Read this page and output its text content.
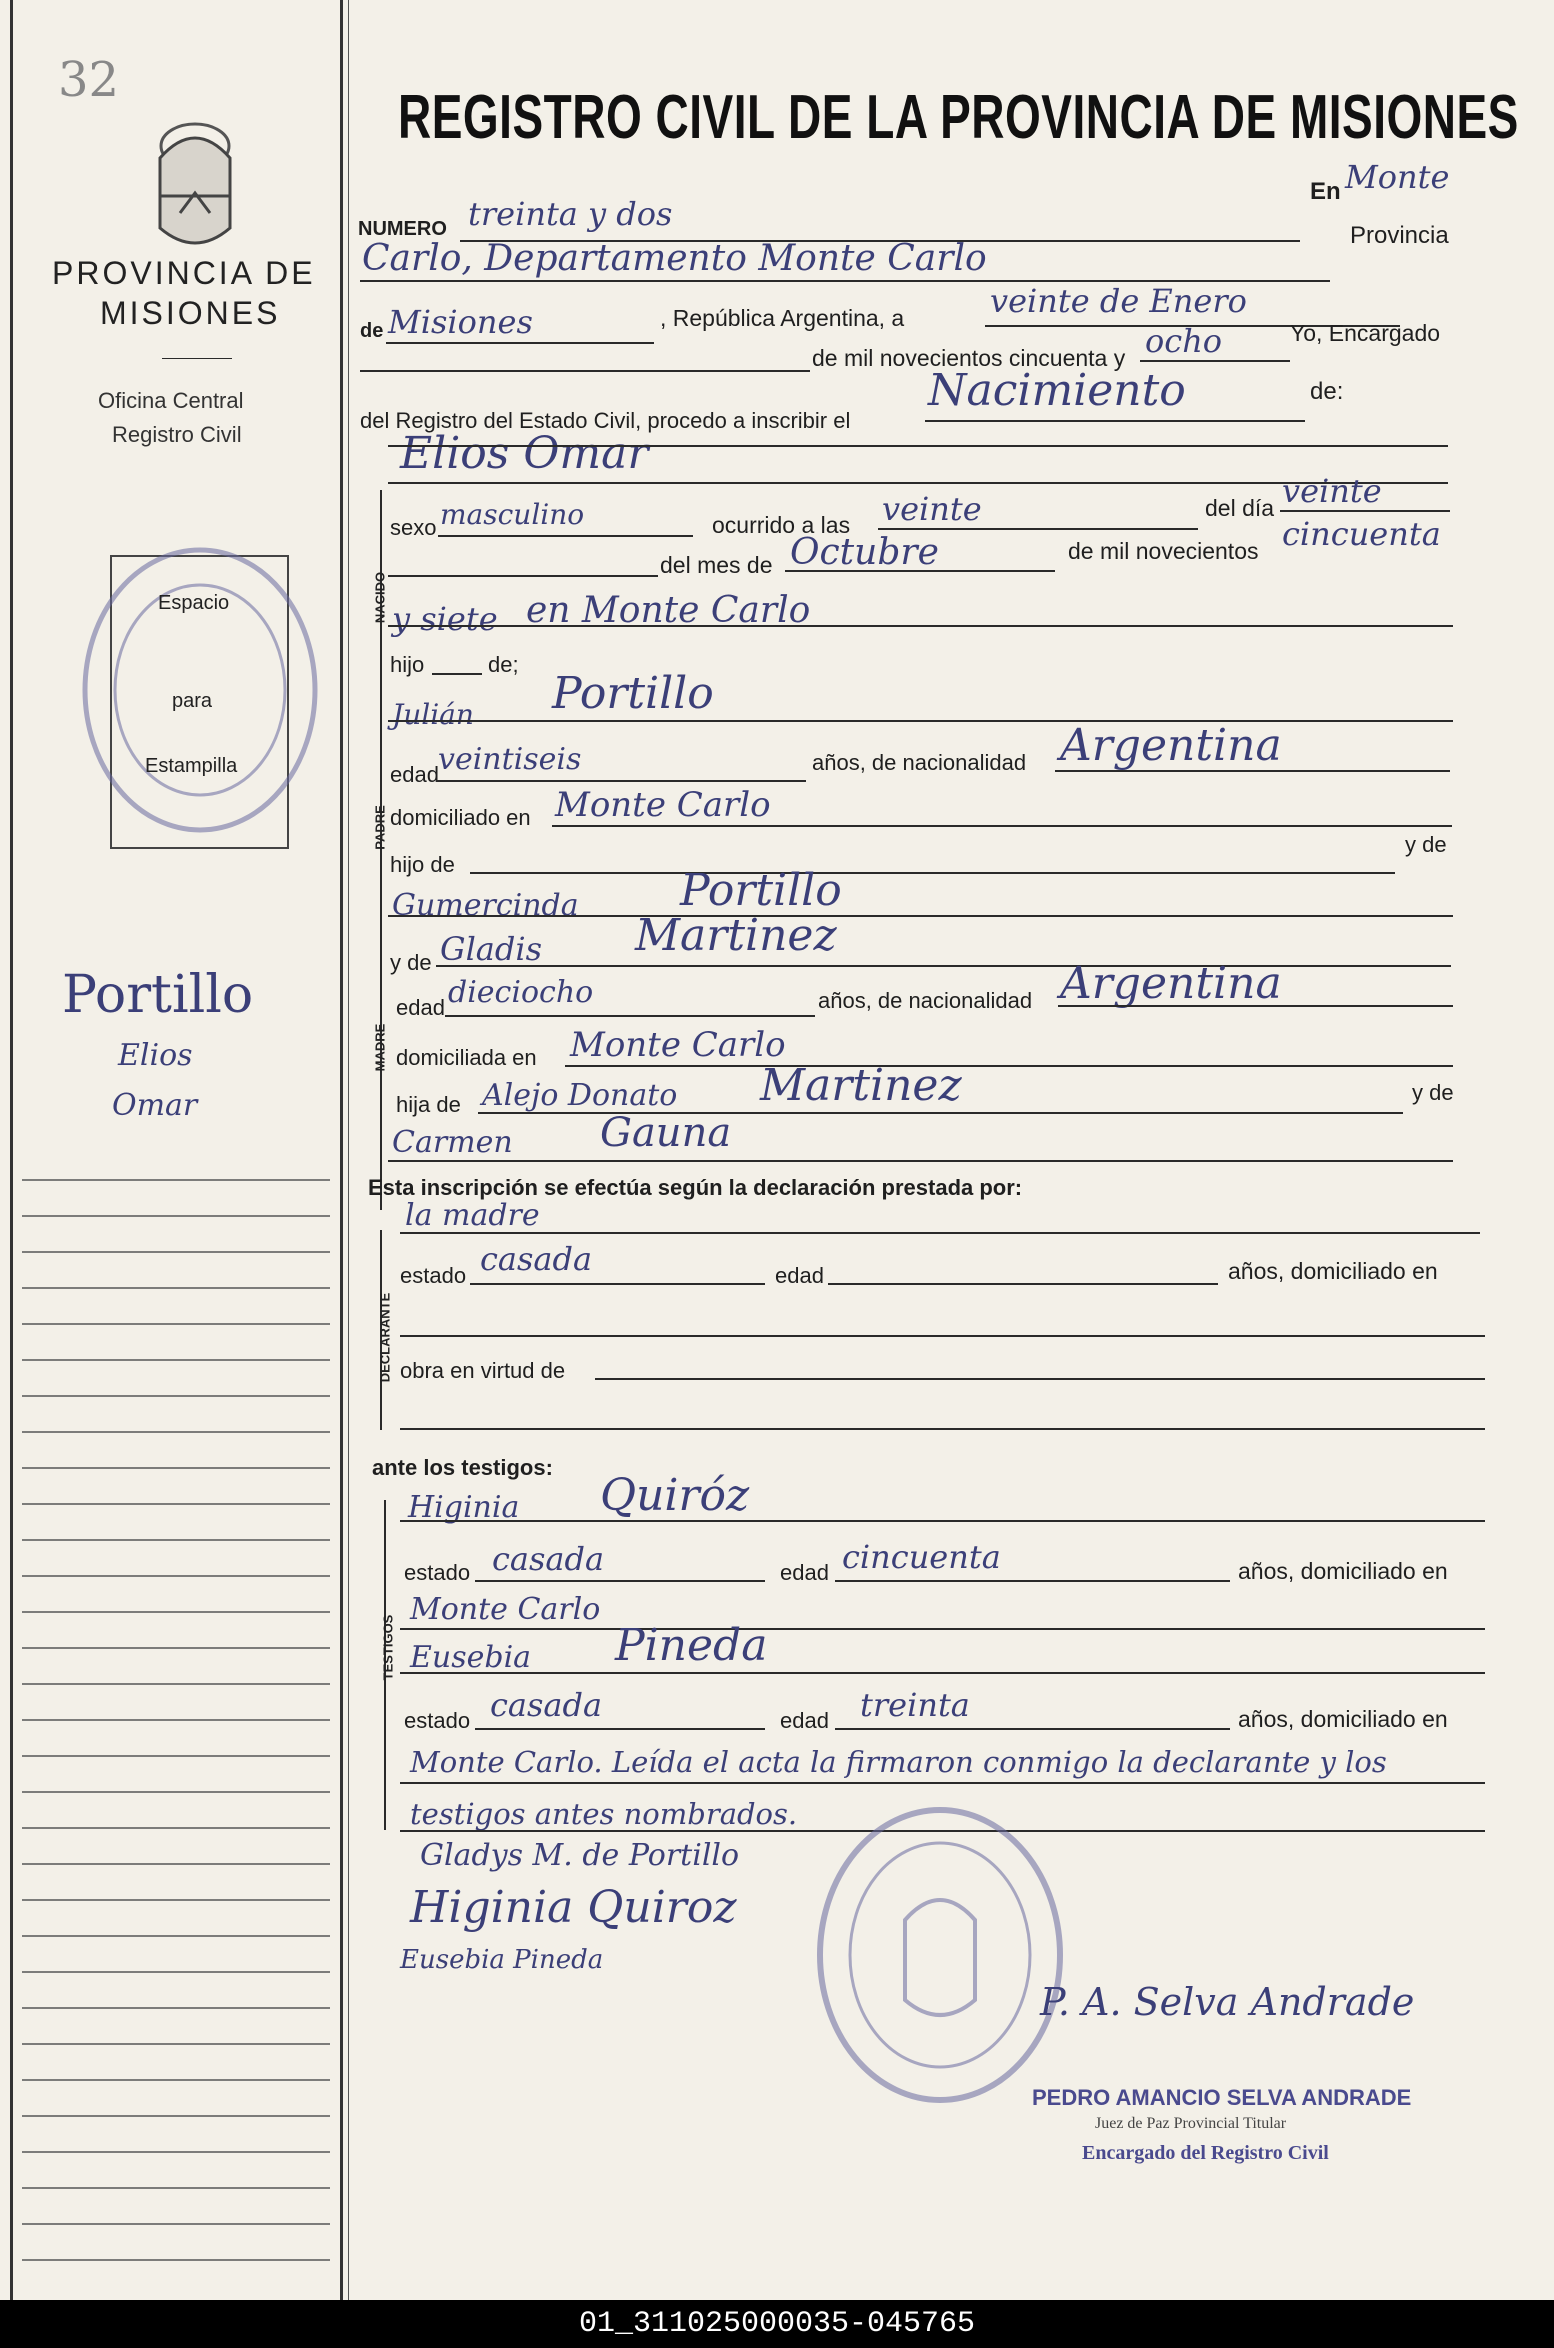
32
PROVINCIA DE
MISIONES
Oficina Central
Registro Civil
Espacio
para
Estampilla
Portillo
Elios
Omar
REGISTRO CIVIL DE LA PROVINCIA DE MISIONES
NUMERO treinta y dos
En Monte
Carlo, Departamento Monte Carlo
Provincia
de Misiones	, República Argentina, a	veinte de Enero
de mil novecientos cincuenta y ocho	Yo, Encargado
del Registro del Estado Civil, procedo a inscribir el
Nacimiento	de:
NACIDO
Elios Omar
sexo masculino	ocurrido a las veinte	del día veinte
del mes de Octubre	de mil novecientos cincuenta
y siete en Monte Carlo
hijo	de;
PADRE
Julián Portillo
edad veintiseis	años, de nacionalidad Argentina
domiciliado en Monte Carlo
hijo de
y de
Gumercinda Portillo
MADRE
y de Gladis Martinez
edad dieciocho	años, de nacionalidad Argentina
domiciliada en Monte Carlo
hija de Alejo Donato Martinez	y de
Carmen Gauna
Esta inscripción se efectúa según la declaración prestada por:
DECLARANTE
la madre
estado casada	edad	años, domiciliado en
obra en virtud de
ante los testigos:
TESTIGOS
Higinia Quiróz
estado casada	edad cincuenta	años, domiciliado en
Monte Carlo
Eusebia Pineda
estado casada	edad treinta	años, domiciliado en
Monte Carlo. Leída el acta la firmaron conmigo la declarante y los testigos antes nombrados.
Gladys M. de Portillo
Higinia Quiroz
Eusebia Pineda
P. A. Selva Andrade
PEDRO AMANCIO SELVA ANDRADE
Juez de Paz Provincial Titular
Encargado del Registro Civil
01_311025000035-045765
